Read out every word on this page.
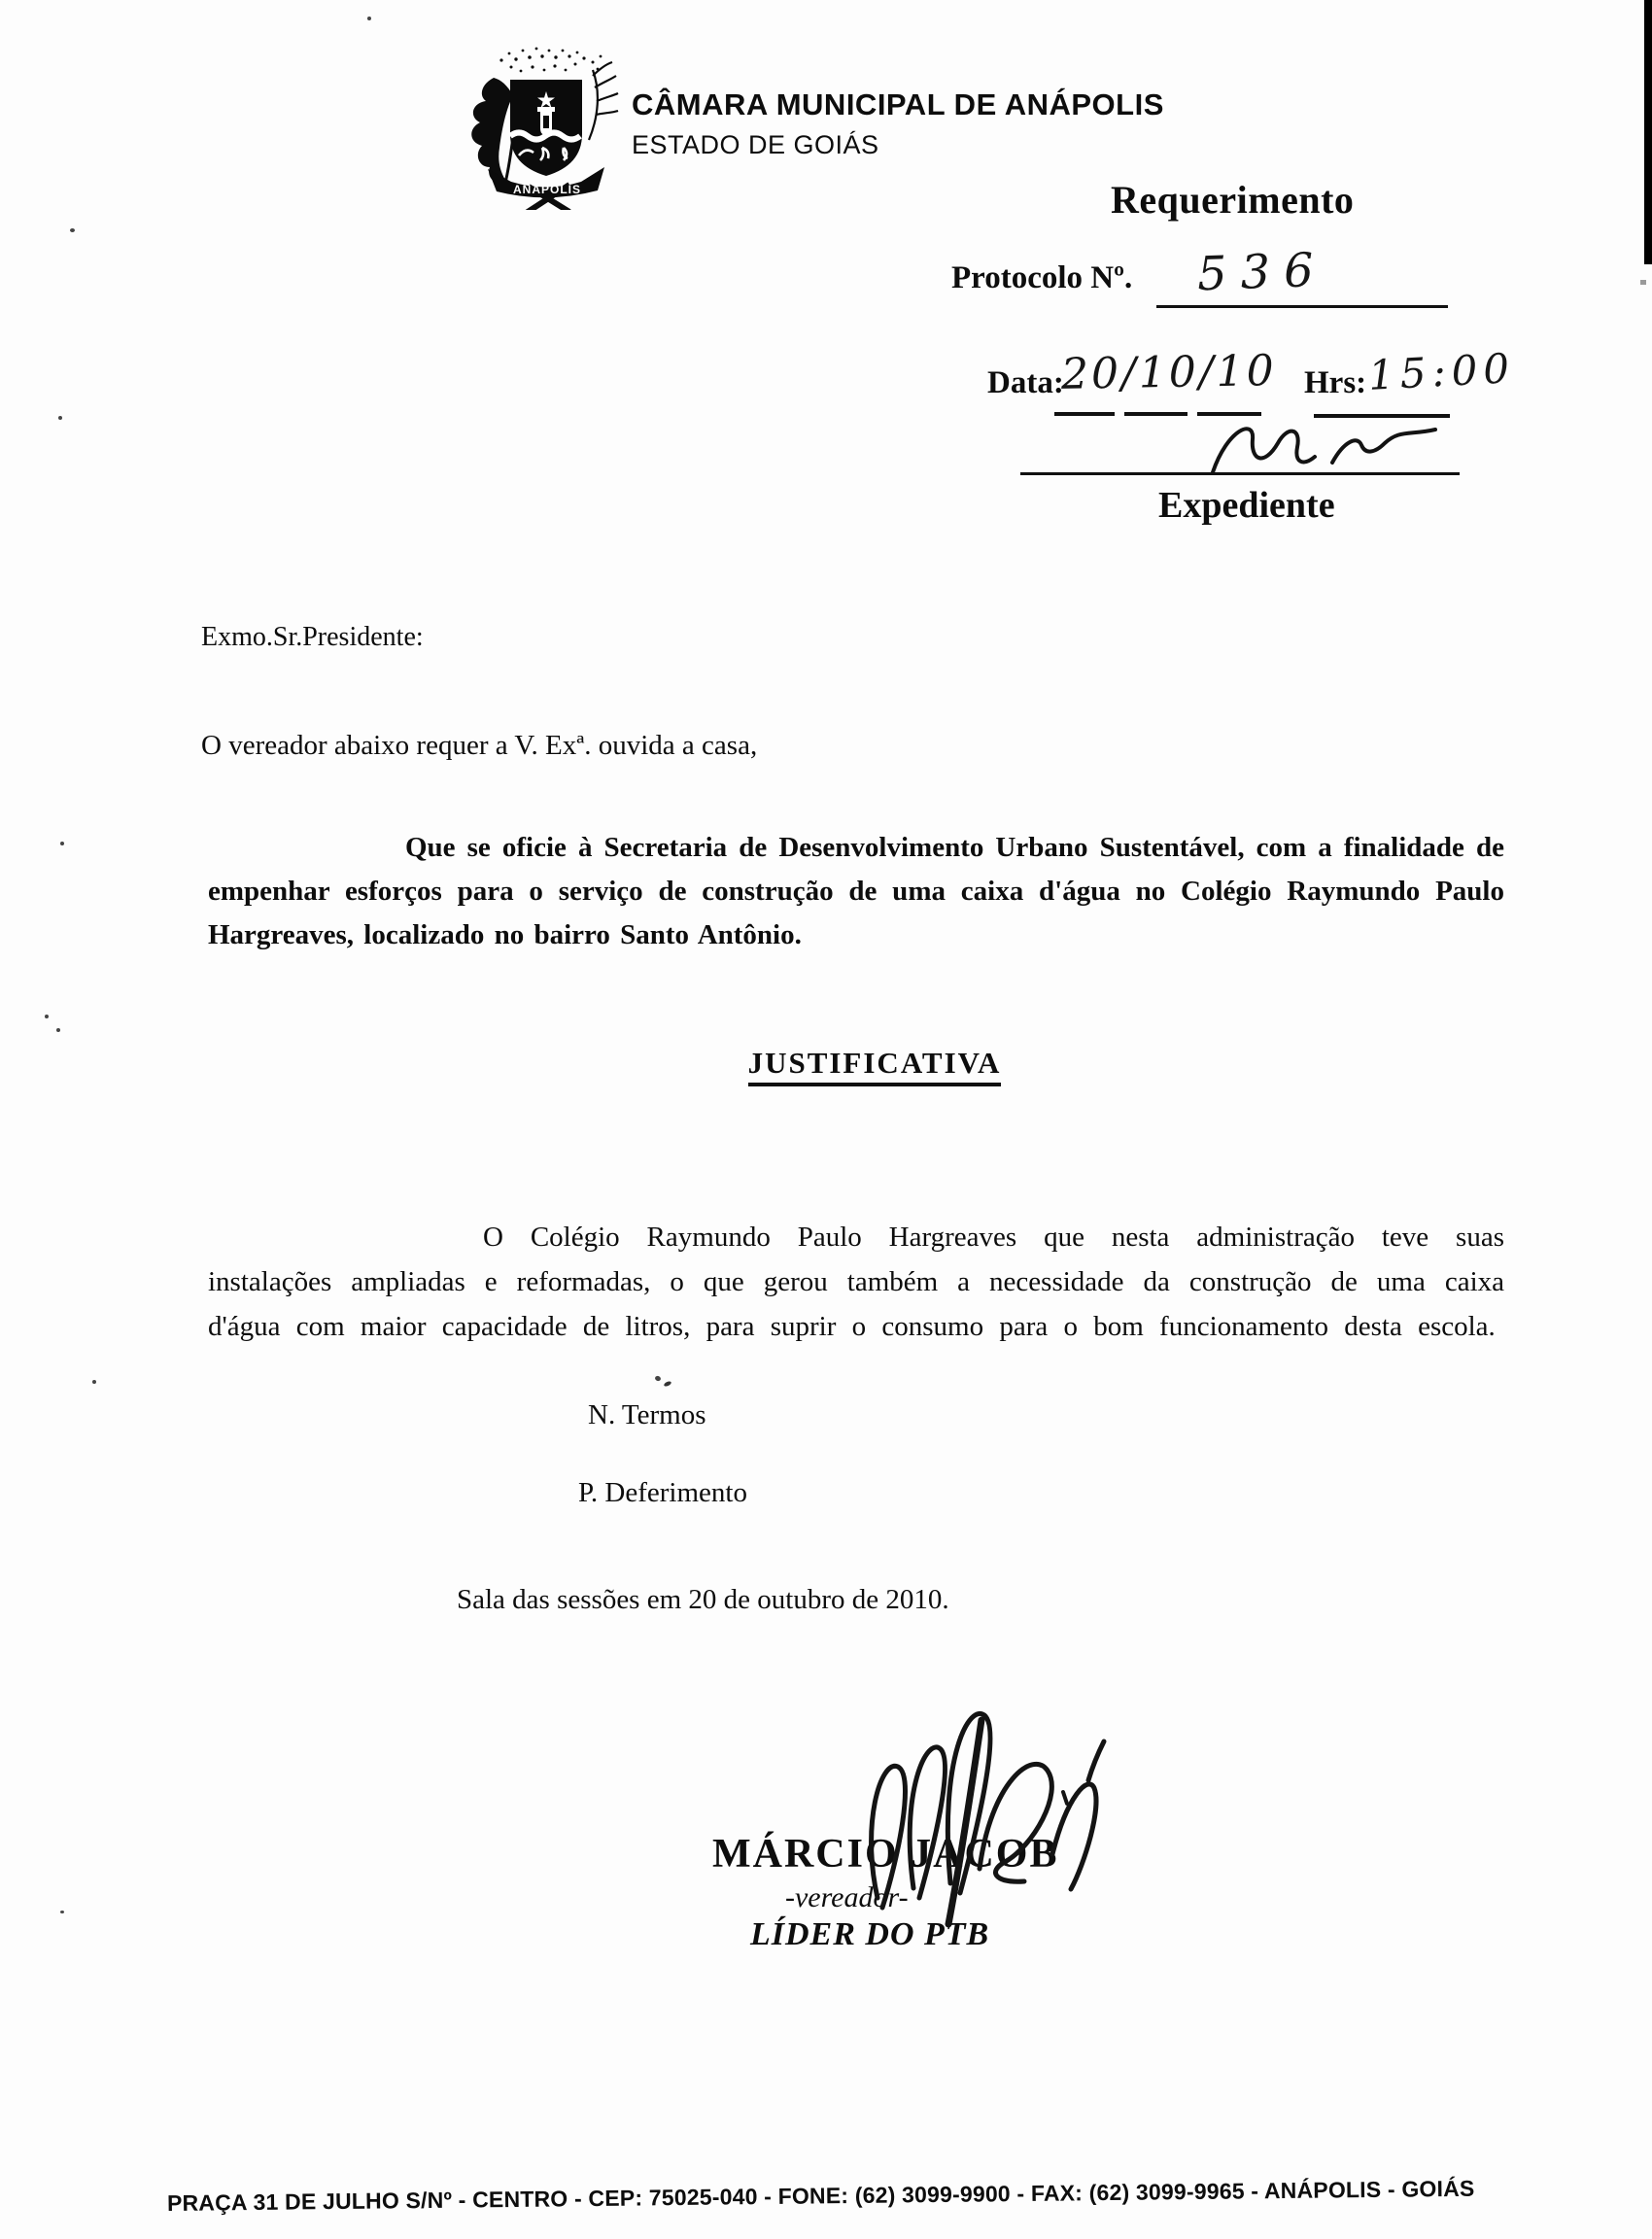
ANÁPOLIS
CÂMARA MUNICIPAL DE ANÁPOLIS
ESTADO DE GOIÁS
Requerimento
Protocolo Nº. 536
Data:
20/10/10 Hrs: 15:00
Expediente
Exmo.Sr.Presidente:
O vereador abaixo requer a V. Exª. ouvida a casa,
Que se oficie à Secretaria de Desenvolvimento Urbano Sustentável, com a finalidade de empenhar esforços para o serviço de construção de uma caixa d'água no Colégio Raymundo Paulo Hargreaves, localizado no bairro Santo Antônio.
JUSTIFICATIVA
O Colégio Raymundo Paulo Hargreaves que nesta administração teve suas instalações ampliadas e reformadas, o que gerou também a necessidade da construção de uma caixa d'água com maior capacidade de litros, para suprir o consumo para o bom funcionamento desta escola.
N. Termos
P. Deferimento
Sala das sessões em 20 de outubro de 2010.
MÁRCIO JACOB
-vereador-
LÍDER DO PTB
PRAÇA 31 DE JULHO S/Nº - CENTRO - CEP: 75025-040 - FONE: (62) 3099-9900 - FAX: (62) 3099-9965 - ANÁPOLIS - GOIÁS
